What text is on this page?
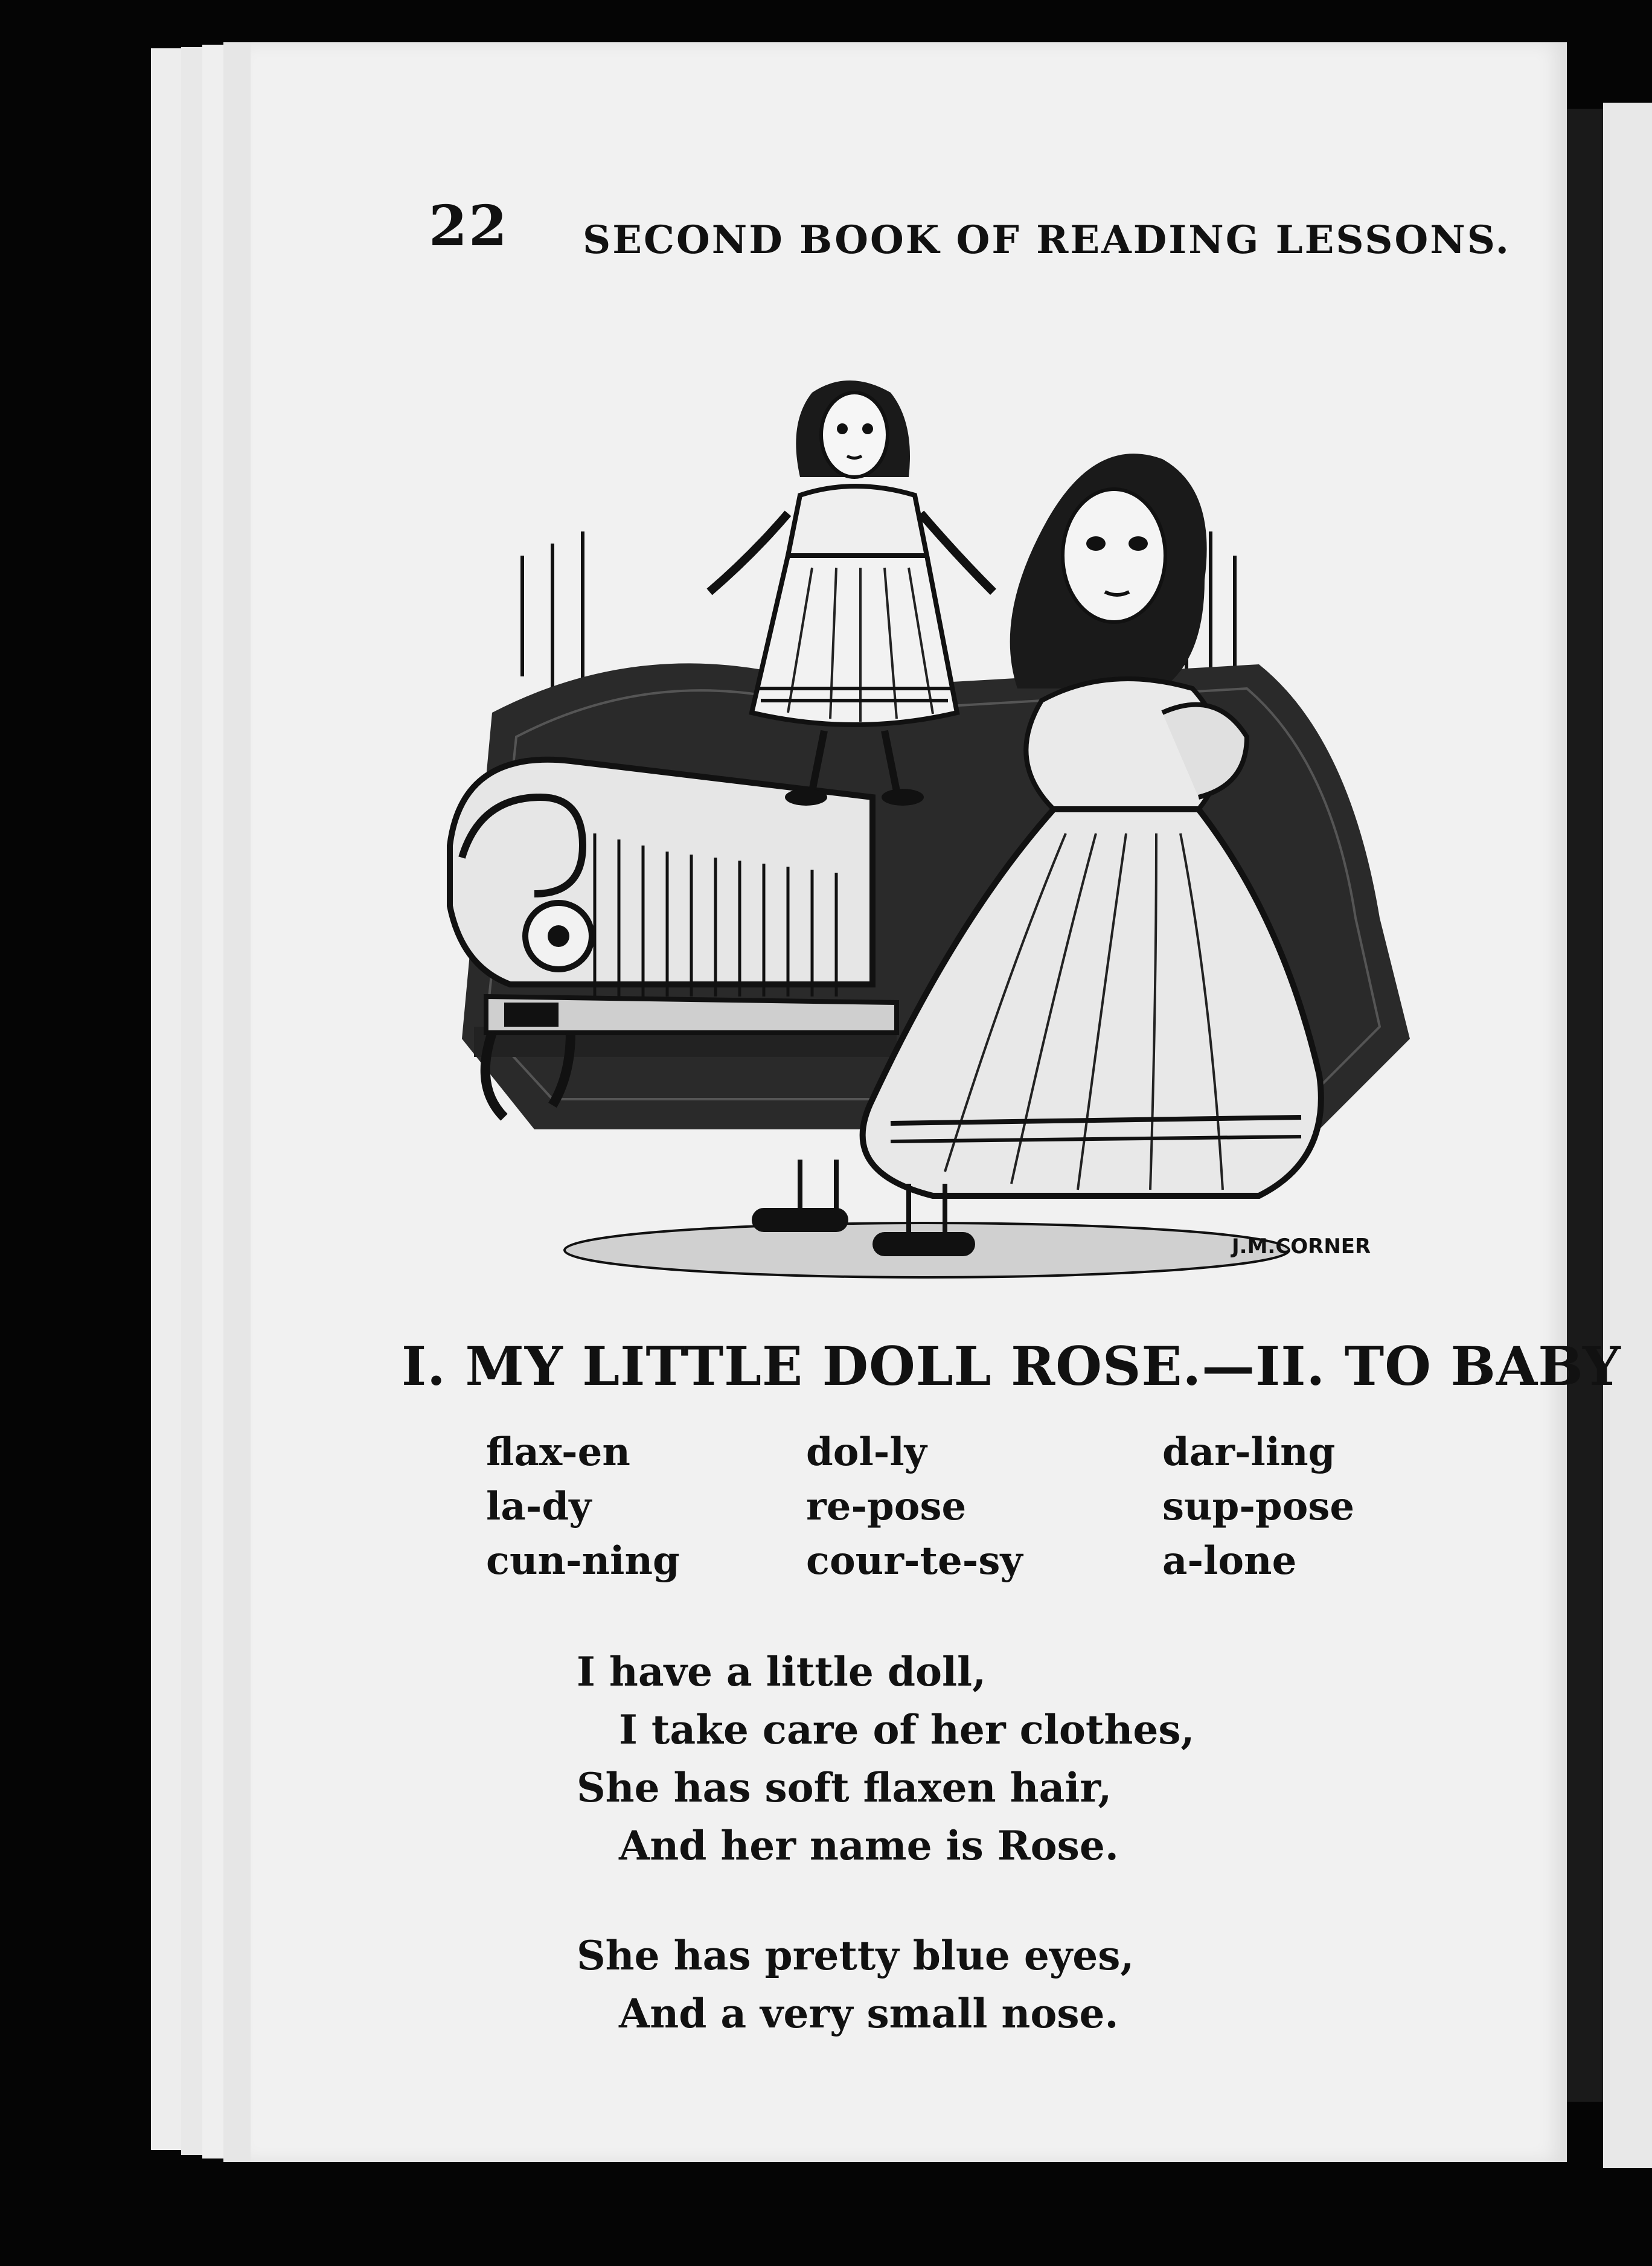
22 SECOND BOOK OF READING LESSONS.
J.M.CORNER
I. MY LITTLE DOLL ROSE.—II. TO BABY
flax-en
la-dy
cun-ning
dol-ly
re-pose
cour-te-sy
dar-ling
sup-pose
a-lone
I have a little doll,
I take care of her clothes,
She has soft flaxen hair,
And her name is Rose.
She has pretty blue eyes,
And a very small nose.
